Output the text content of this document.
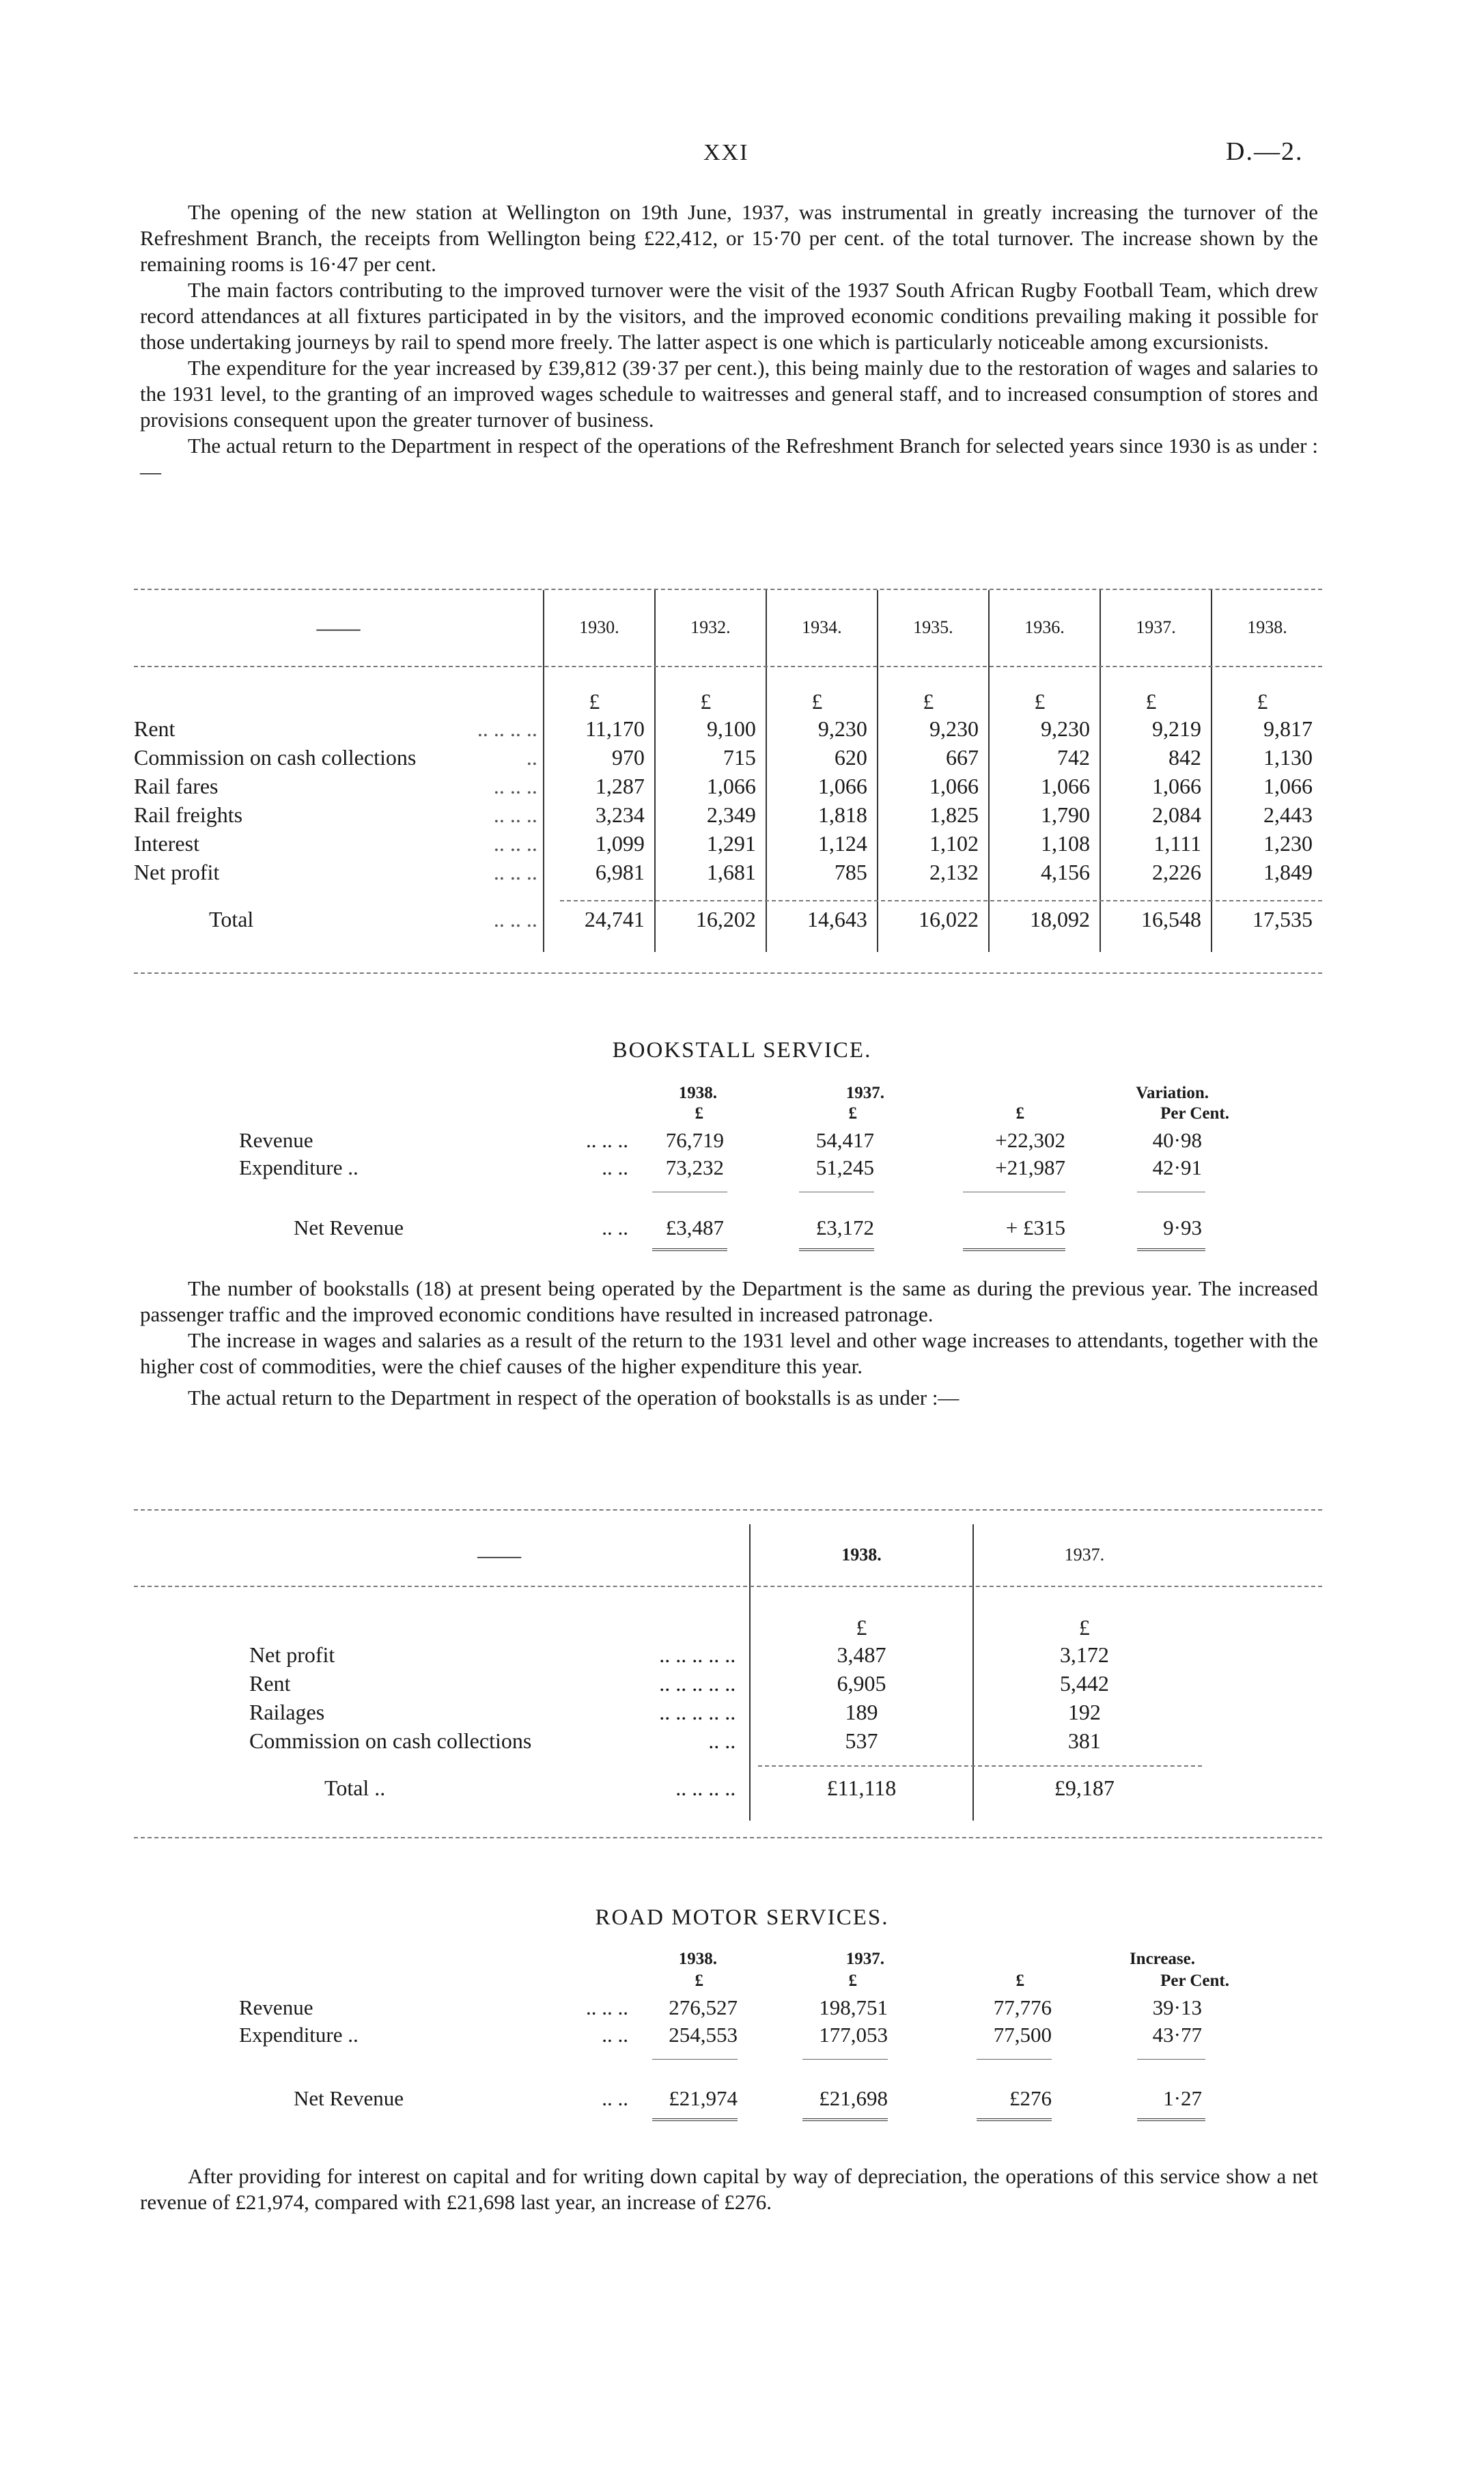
XXI	D.—2.

The opening of the new station at Wellington on 19th June, 1937, was instrumental in greatly increasing the turnover of the Refreshment Branch, the receipts from Wellington being £22,412, or 15·70 per cent. of the total turnover. The increase shown by the remaining rooms is 16·47 per cent.

The main factors contributing to the improved turnover were the visit of the 1937 South African Rugby Football Team, which drew record attendances at all fixtures participated in by the visitors, and the improved economic conditions prevailing making it possible for those undertaking journeys by rail to spend more freely. The latter aspect is one which is particularly noticeable among excursionists.

The expenditure for the year increased by £39,812 (39·37 per cent.), this being mainly due to the restoration of wages and salaries to the 1931 level, to the granting of an improved wages schedule to waitresses and general staff, and to increased consumption of stores and provisions consequent upon the greater turnover of business.

The actual return to the Department in respect of the operations of the Refreshment Branch for selected years since 1930 is as under :—

——	1930.	1932.	1934.	1935.	1936.	1937.	1938.
	£	£	£	£	£	£	£
Rent .. .. .. ..	11,170	9,100	9,230	9,230	9,230	9,219	9,817
Commission on cash collections ..	970	715	620	667	742	842	1,130
Rail fares .. .. ..	1,287	1,066	1,066	1,066	1,066	1,066	1,066
Rail freights .. .. ..	3,234	2,349	1,818	1,825	1,790	2,084	2,443
Interest .. .. ..	1,099	1,291	1,124	1,102	1,108	1,111	1,230
Net profit .. .. ..	6,981	1,681	785	2,132	4,156	2,226	1,849
Total .. .. ..	24,741	16,202	14,643	16,022	18,092	16,548	17,535
BOOKSTALL SERVICE.
1938.	1937.	Variation.
£	£	£	Per Cent.
Revenue	.. .. ..	76,719	54,417	+22,302	40·98
Expenditure ..	.. ..	73,232	51,245	+21,987	42·91
Net Revenue	.. ..	£3,487	£3,172	+ £315	9·93

The number of bookstalls (18) at present being operated by the Department is the same as during the previous year. The increased passenger traffic and the improved economic conditions have resulted in increased patronage.

The increase in wages and salaries as a result of the return to the 1931 level and other wage increases to attendants, together with the higher cost of commodities, were the chief causes of the higher expenditure this year.

The actual return to the Department in respect of the operation of bookstalls is as under :—

——	1938.	1937.
	£	£
Net profit .. .. .. .. ..	3,487	3,172
Rent .. .. .. .. ..	6,905	5,442
Railages .. .. .. .. ..	189	192
Commission on cash collections .. ..	537	381
Total .. .. .. .. ..	£11,118	£9,187
ROAD MOTOR SERVICES.
1938.	1937.	Increase.
£	£	£	Per Cent.
Revenue	.. .. ..	276,527	198,751	77,776	39·13
Expenditure ..	.. ..	254,553	177,053	77,500	43·77
Net Revenue	.. ..	£21,974	£21,698	£276	1·27

After providing for interest on capital and for writing down capital by way of depreciation, the operations of this service show a net revenue of £21,974, compared with £21,698 last year, an increase of £276.
